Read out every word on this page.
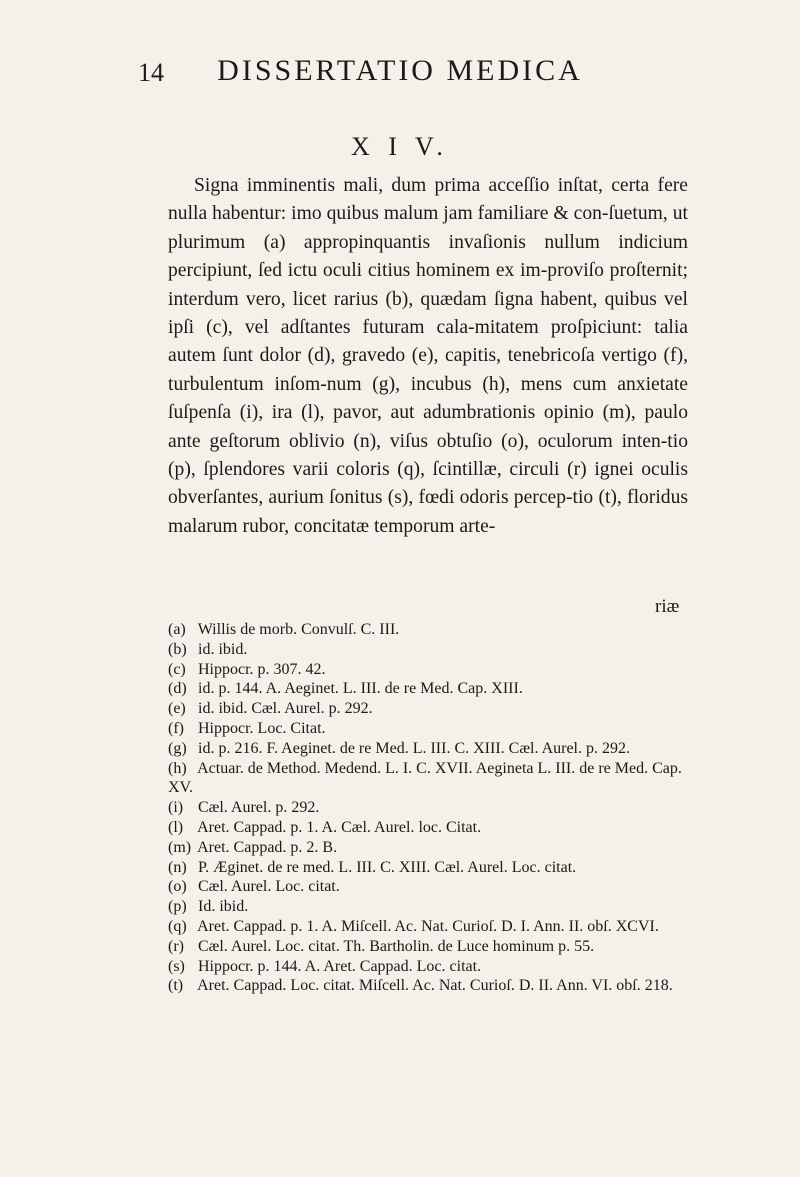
14	DISSERTATIO MEDICA
X I V.

Signa imminentis mali, dum prima acceſſio inſtat, certa fere nulla habentur: imo quibus malum jam familiare & con-ſuetum, ut plurimum (a) appropinquantis invaſionis nullum indicium percipiunt, ſed ictu oculi citius hominem ex im-proviſo proſternit; interdum vero, licet rarius (b), quædam ſigna habent, quibus vel ipſi (c), vel adſtantes futuram cala-mitatem proſpiciunt: talia autem ſunt dolor (d), gravedo (e), capitis, tenebricoſa vertigo (f), turbulentum inſom-num (g), incubus (h), mens cum anxietate ſuſpenſa (i), ira (l), pavor, aut adumbrationis opinio (m), paulo ante geſtorum oblivio (n), viſus obtuſio (o), oculorum inten-tio (p), ſplendores varii coloris (q), ſcintillæ, circuli (r) ignei oculis obverſantes, aurium ſonitus (s), fœdi odoris percep-tio (t), floridus malarum rubor, concitatæ temporum arte-

riæ
(a) Willis de morb. Convulſ. C. III.
(b) id. ibid.
(c) Hippocr. p. 307. 42.
(d) id. p. 144. A. Aeginet. L. III. de re Med. Cap. XIII.
(e) id. ibid. Cæl. Aurel. p. 292.
(f) Hippocr. Loc. Citat.
(g) id. p. 216. F. Aeginet. de re Med. L. III. C. XIII. Cæl. Aurel. p. 292.
(h) Actuar. de Method. Medend. L. I. C. XVII. Aegineta L. III. de re Med. Cap. XV.
(i) Cæl. Aurel. p. 292.
(l) Aret. Cappad. p. 1. A. Cæl. Aurel. loc. Citat.
(m) Aret. Cappad. p. 2. B.
(n) P. Æginet. de re med. L. III. C. XIII. Cæl. Aurel. Loc. citat.
(o) Cæl. Aurel. Loc. citat.
(p) Id. ibid.
(q) Aret. Cappad. p. 1. A. Miſcell. Ac. Nat. Curioſ. D. I. Ann. II. obſ. XCVI.
(r) Cæl. Aurel. Loc. citat. Th. Bartholin. de Luce hominum p. 55.
(s) Hippocr. p. 144. A. Aret. Cappad. Loc. citat.
(t) Aret. Cappad. Loc. citat. Miſcell. Ac. Nat. Curioſ. D. II. Ann. VI. obſ. 218.
